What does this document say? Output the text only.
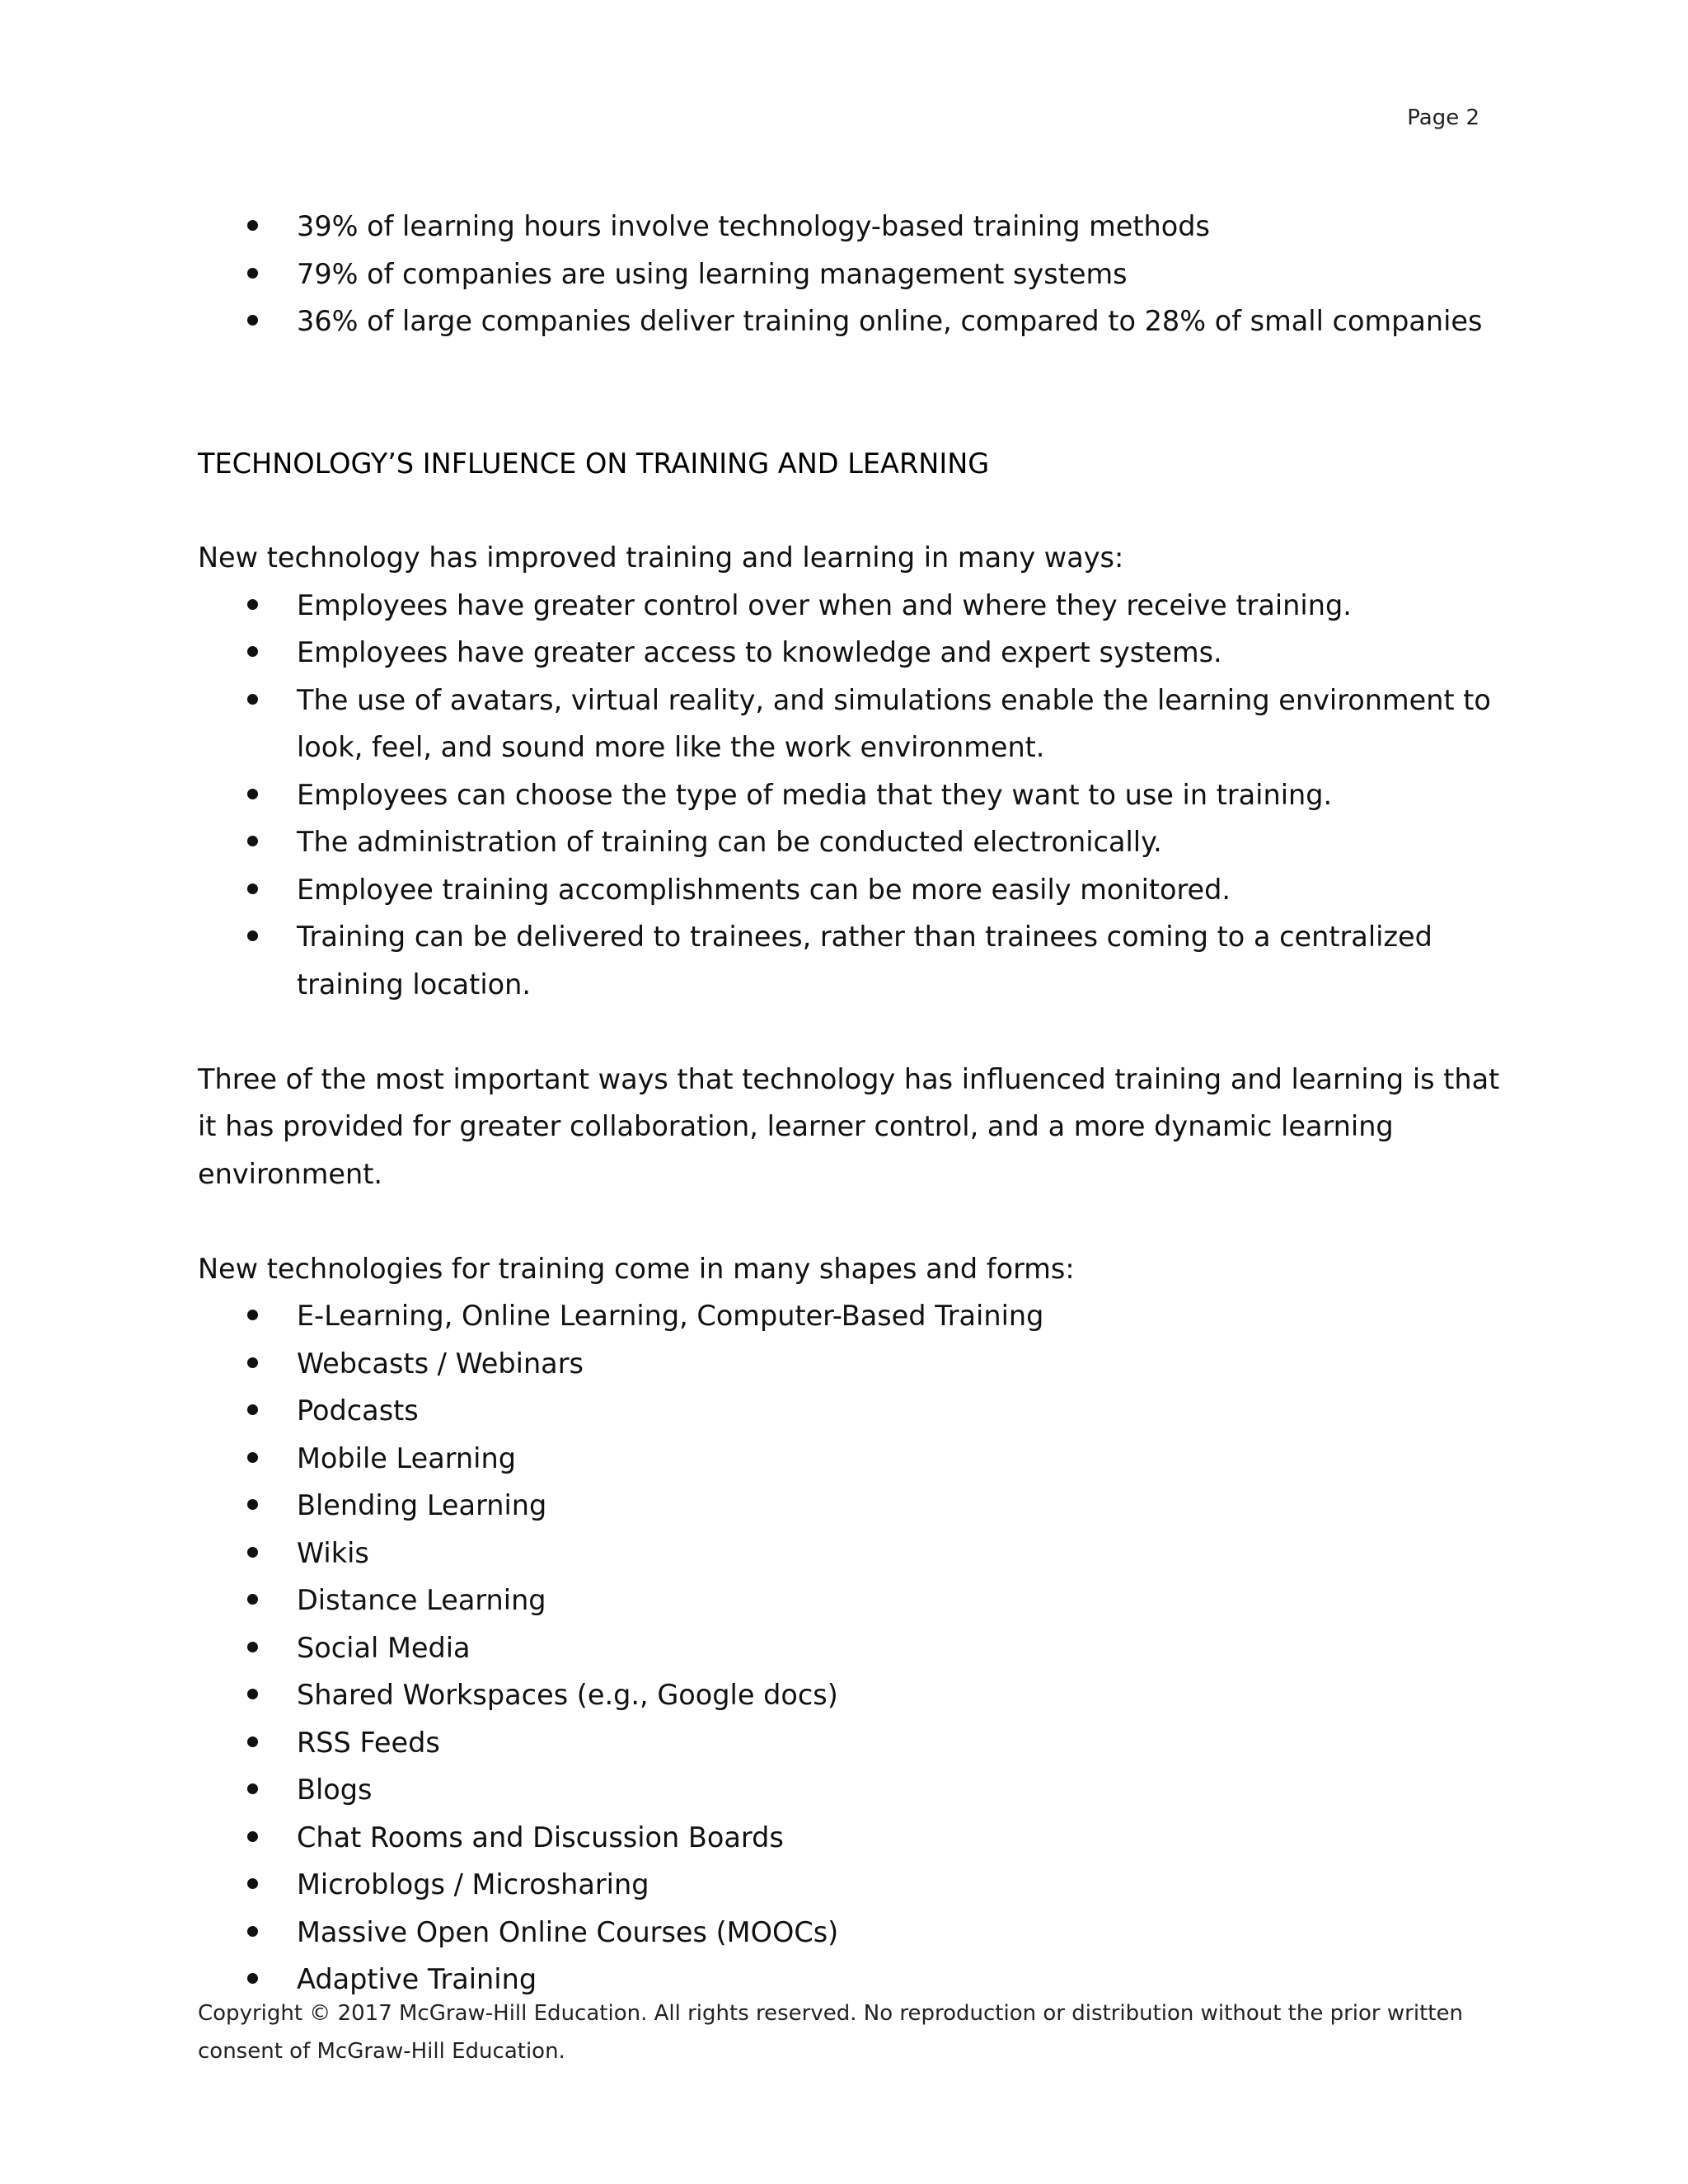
Page 2
39% of learning hours involve technology-based training methods
79% of companies are using learning management systems
36% of large companies deliver training online, compared to 28% of small companies
TECHNOLOGY’S INFLUENCE ON TRAINING AND LEARNING

New technology has improved training and learning in many ways:

Employees have greater control over when and where they receive training.
Employees have greater access to knowledge and expert systems.
The use of avatars, virtual reality, and simulations enable the learning environment to look, feel, and sound more like the work environment.
Employees can choose the type of media that they want to use in training.
The administration of training can be conducted electronically.
Employee training accomplishments can be more easily monitored.
Training can be delivered to trainees, rather than trainees coming to a centralized training location.

Three of the most important ways that technology has influenced training and learning is that it has provided for greater collaboration, learner control, and a more dynamic learning environment.

New technologies for training come in many shapes and forms:

E-Learning, Online Learning, Computer-Based Training
Webcasts / Webinars
Podcasts
Mobile Learning
Blending Learning
Wikis
Distance Learning
Social Media
Shared Workspaces (e.g., Google docs)
RSS Feeds
Blogs
Chat Rooms and Discussion Boards
Microblogs / Microsharing
Massive Open Online Courses (MOOCs)
Adaptive Training
Copyright © 2017 McGraw-Hill Education. All rights reserved. No reproduction or distribution without the prior written consent of McGraw-Hill Education.
